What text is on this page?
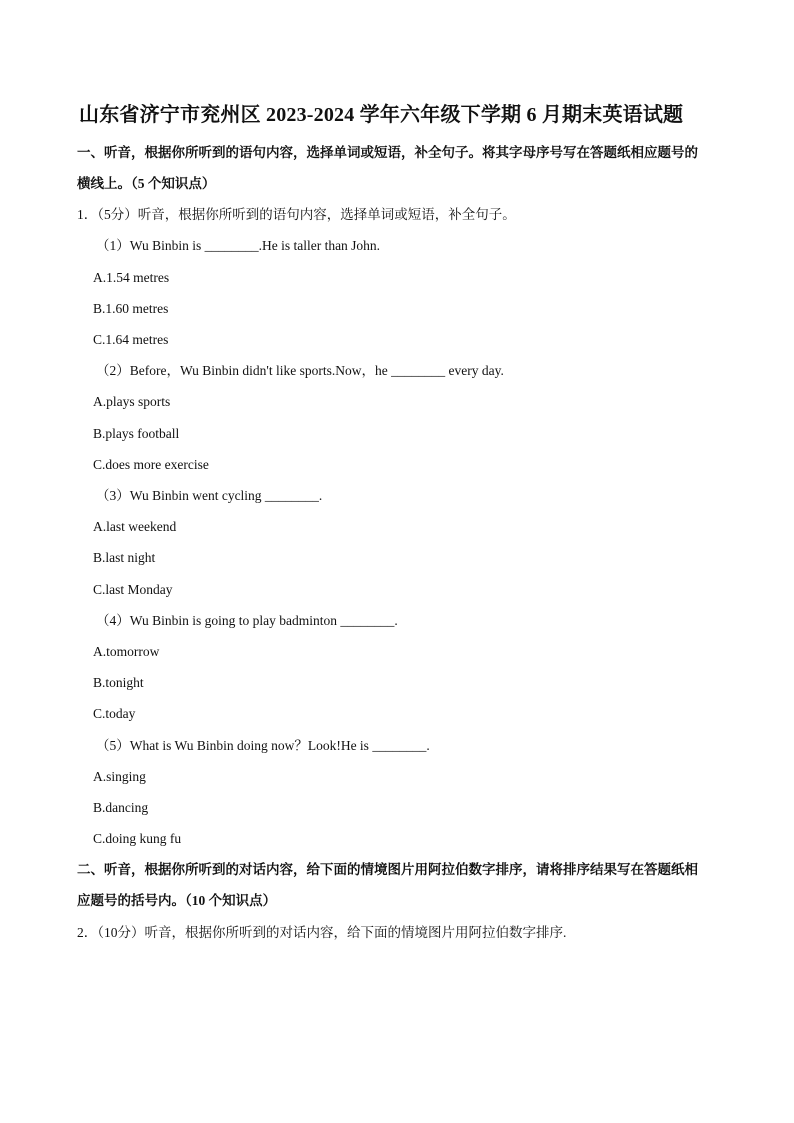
山东省济宁市兖州区 2023-2024 学年六年级下学期 6 月期末英语试题
一、听音，根据你所听到的语句内容，选择单词或短语，补全句子。将其字母序号写在答题纸相应题号的
横线上。（5 个知识点）
1．（5分）听音，根据你所听到的语句内容，选择单词或短语，补全句子。
（1）Wu Binbin is ________.He is taller than John.
A.1.54 metres
B.1.60 metres
C.1.64 metres
（2）Before，Wu Binbin didn't like sports.Now，he ________ every day.
A.plays sports
B.plays football
C.does more exercise
（3）Wu Binbin went cycling ________.
A.last weekend
B.last night
C.last Monday
（4）Wu Binbin is going to play badminton ________.
A.tomorrow
B.tonight
C.today
（5）What is Wu Binbin doing now？Look!He is ________.
A.singing
B.dancing
C.doing kung fu
二、听音，根据你所听到的对话内容，给下面的情境图片用阿拉伯数字排序，请将排序结果写在答题纸相
应题号的括号内。（10 个知识点）
2．（10分）听音，根据你所听到的对话内容，给下面的情境图片用阿拉伯数字排序.
